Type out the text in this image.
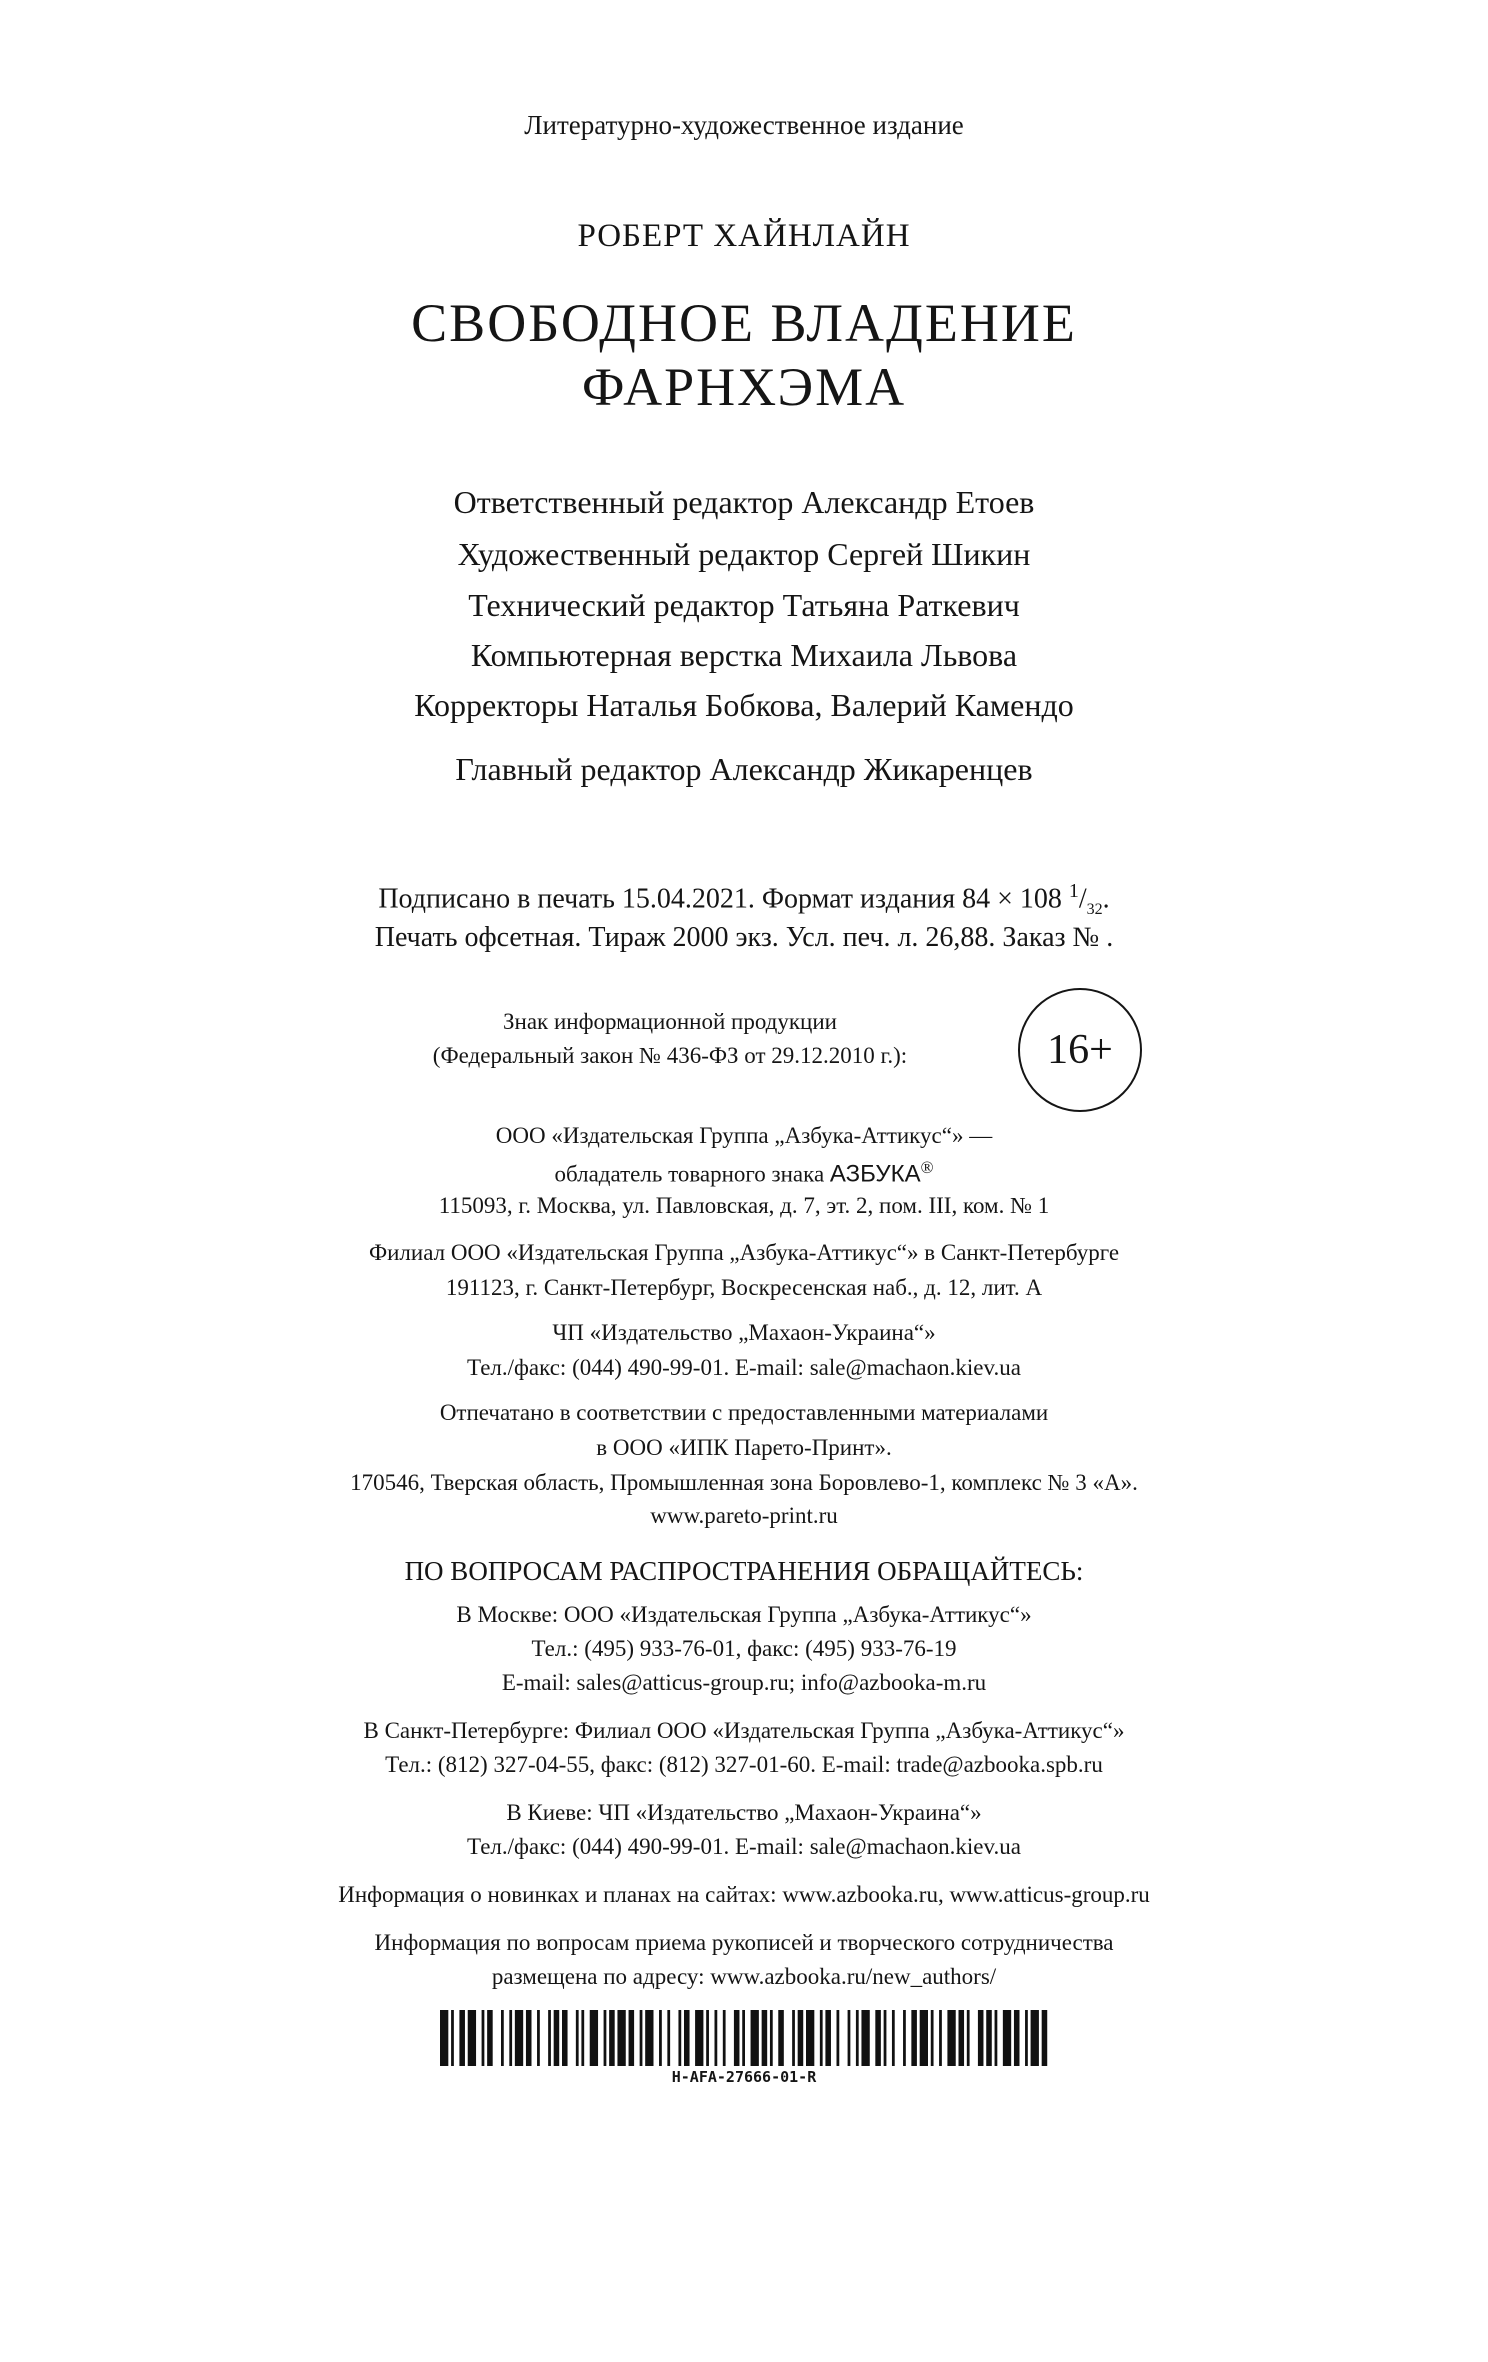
Литературно-художественное издание

РОБЕРТ ХАЙНЛАЙН

СВОБОДНОЕ ВЛАДЕНИЕ

ФАРНХЭМА

Ответственный редактор Александр Етоев

Художественный редактор Сергей Шикин

Технический редактор Татьяна Раткевич

Компьютерная верстка Михаила Львова

Корректоры Наталья Бобкова, Валерий Камендо

Главный редактор Александр Жикаренцев

Подписано в печать 15.04.2021. Формат издания 84 × 108 $^1/_{32}$.

Печать офсетная. Тираж 2000 экз. Усл. печ. л. 26,88. Заказ № .

Знак информационной продукции
(Федеральный закон № 436-ФЗ от 29.12.2010 г.):	16+

ООО «Издательская Группа „Азбука-Аттикус“» —

обладатель товарного знака АЗБУКА®

115093, г. Москва, ул. Павловская, д. 7, эт. 2, пом. III, ком. № 1

Филиал ООО «Издательская Группа „Азбука-Аттикус“» в Санкт-Петербурге

191123, г. Санкт-Петербург, Воскресенская наб., д. 12, лит. А

ЧП «Издательство „Махаон-Украина“»

Тел./факс: (044) 490-99-01. E-mail: sale@machaon.kiev.ua

Отпечатано в соответствии с предоставленными материалами

в ООО «ИПК Парето-Принт».

170546, Тверская область, Промышленная зона Боровлево-1, комплекс № 3 «А».

www.pareto-print.ru

ПО ВОПРОСАМ РАСПРОСТРАНЕНИЯ ОБРАЩАЙТЕСЬ:

В Москве: ООО «Издательская Группа „Азбука-Аттикус“»

Тел.: (495) 933-76-01, факс: (495) 933-76-19

E-mail: sales@atticus-group.ru; info@azbooka-m.ru

В Санкт-Петербурге: Филиал ООО «Издательская Группа „Азбука-Аттикус“»

Тел.: (812) 327-04-55, факс: (812) 327-01-60. E-mail: trade@azbooka.spb.ru

В Киеве: ЧП «Издательство „Махаон-Украина“»

Тел./факс: (044) 490-99-01. E-mail: sale@machaon.kiev.ua

Информация о новинках и планах на сайтах: www.azbooka.ru, www.atticus-group.ru

Информация по вопросам приема рукописей и творческого сотрудничества

размещена по адресу: www.azbooka.ru/new_authors/

H-AFA-27666-01-R
